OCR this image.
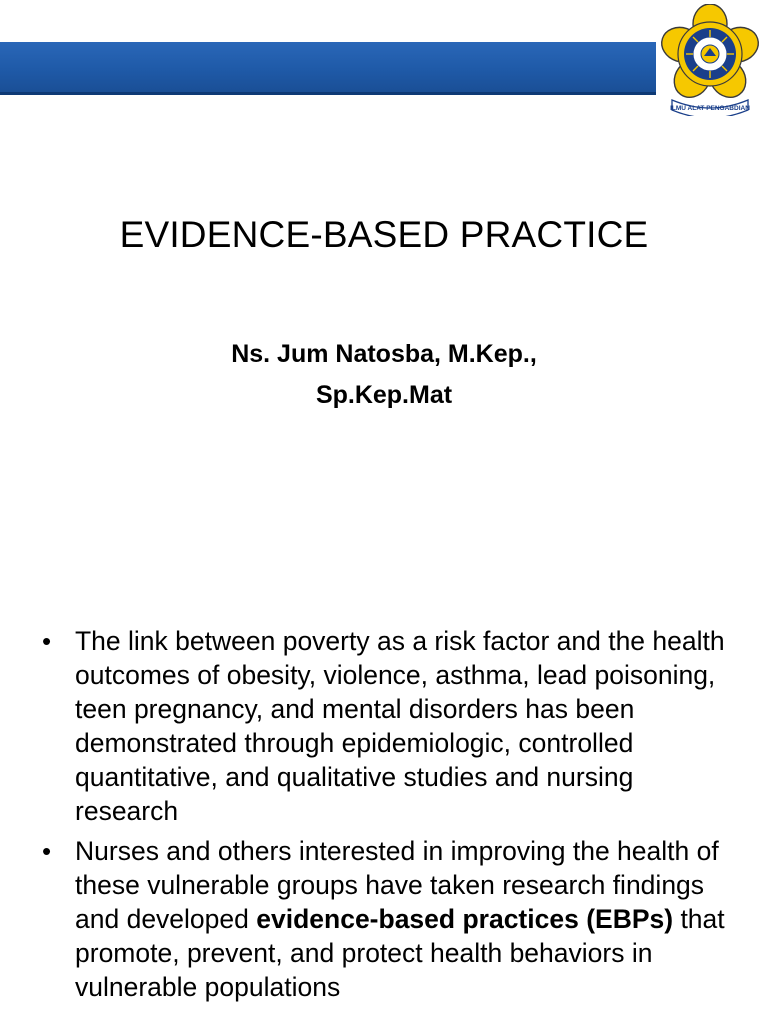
ILMU ALAT PENGABDIAN
EVIDENCE-BASED PRACTICE
Ns. Jum Natosba, M.Kep.,
Sp.Kep.Mat
• The link between poverty as a risk factor and the health outcomes of obesity, violence, asthma, lead poisoning, teen pregnancy, and mental disorders has been demonstrated through epidemiologic, controlled quantitative, and qualitative studies and nursing research
• Nurses and others interested in improving the health of these vulnerable groups have taken research findings and developed evidence-based practices (EBPs) that promote, prevent, and protect health behaviors in vulnerable populations
